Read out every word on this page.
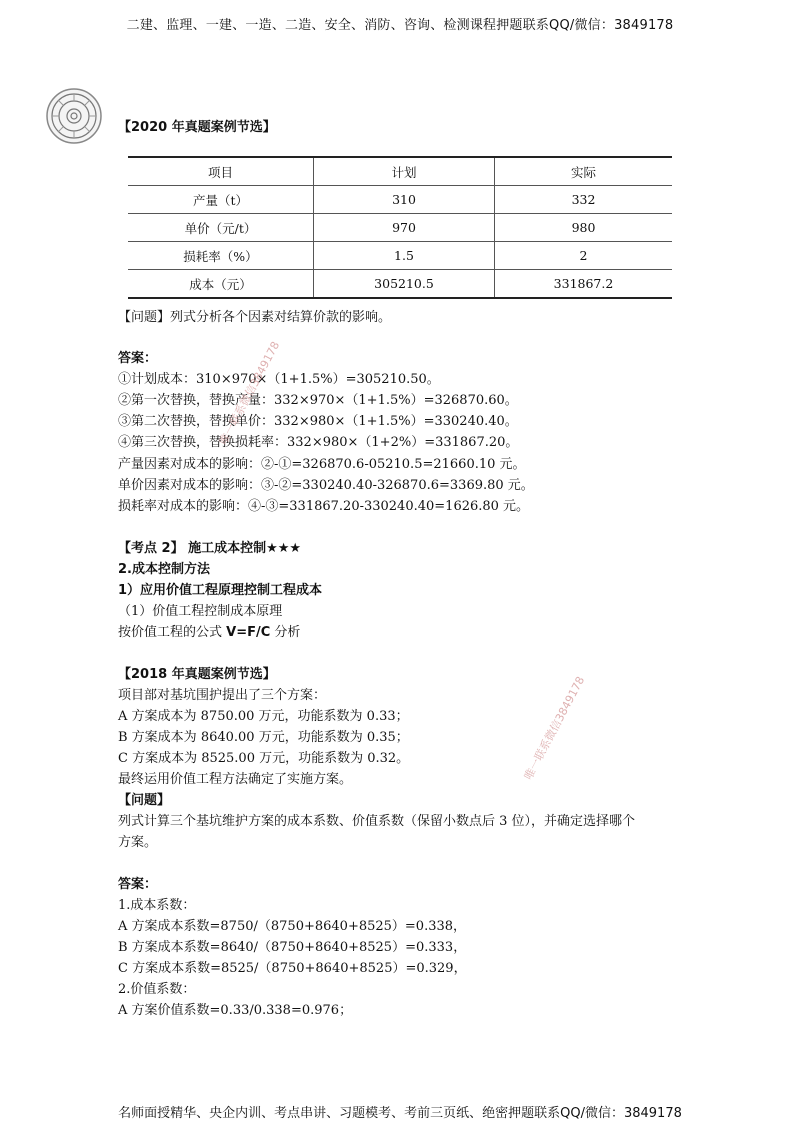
二建、监理、一建、一造、二造、安全、消防、咨询、检测课程押题联系QQ/微信：3849178
【2020 年真题案例节选】
项目	计划	实际
产量（t）	310	332
单价（元/t）	970	980
损耗率（%）	1.5	2
成本（元）	305210.5	331867.2
【问题】列式分析各个因素对结算价款的影响。
答案：
①计划成本：310×970×（1+1.5%）=305210.50。
②第一次替换，替换产量：332×970×（1+1.5%）=326870.60。
③第二次替换，替换单价：332×980×（1+1.5%）=330240.40。
④第三次替换，替换损耗率：332×980×（1+2%）=331867.20。
产量因素对成本的影响：②-①=326870.6-05210.5=21660.10 元。
单价因素对成本的影响：③-②=330240.40-326870.6=3369.80 元。
损耗率对成本的影响：④-③=331867.20-330240.40=1626.80 元。
【考点 2】 施工成本控制★★★
2.成本控制方法
1）应用价值工程原理控制工程成本
（1）价值工程控制成本原理
按价值工程的公式 V=F/C 分析
【2018 年真题案例节选】
项目部对基坑围护提出了三个方案：
A 方案成本为 8750.00 万元，功能系数为 0.33；
B 方案成本为 8640.00 万元，功能系数为 0.35；
C 方案成本为 8525.00 万元，功能系数为 0.32。
最终运用价值工程方法确定了实施方案。
【问题】
列式计算三个基坑维护方案的成本系数、价值系数（保留小数点后 3 位），并确定选择哪个
方案。
答案：
1.成本系数：
A 方案成本系数=8750/（8750+8640+8525）=0.338，
B 方案成本系数=8640/（8750+8640+8525）=0.333，
C 方案成本系数=8525/（8750+8640+8525）=0.329，
2.价值系数：
A 方案价值系数=0.33/0.338=0.976；
唯一联系微信3849178
唯一联系微信3849178
名师面授精华、央企内训、考点串讲、习题模考、考前三页纸、绝密押题联系QQ/微信：3849178
